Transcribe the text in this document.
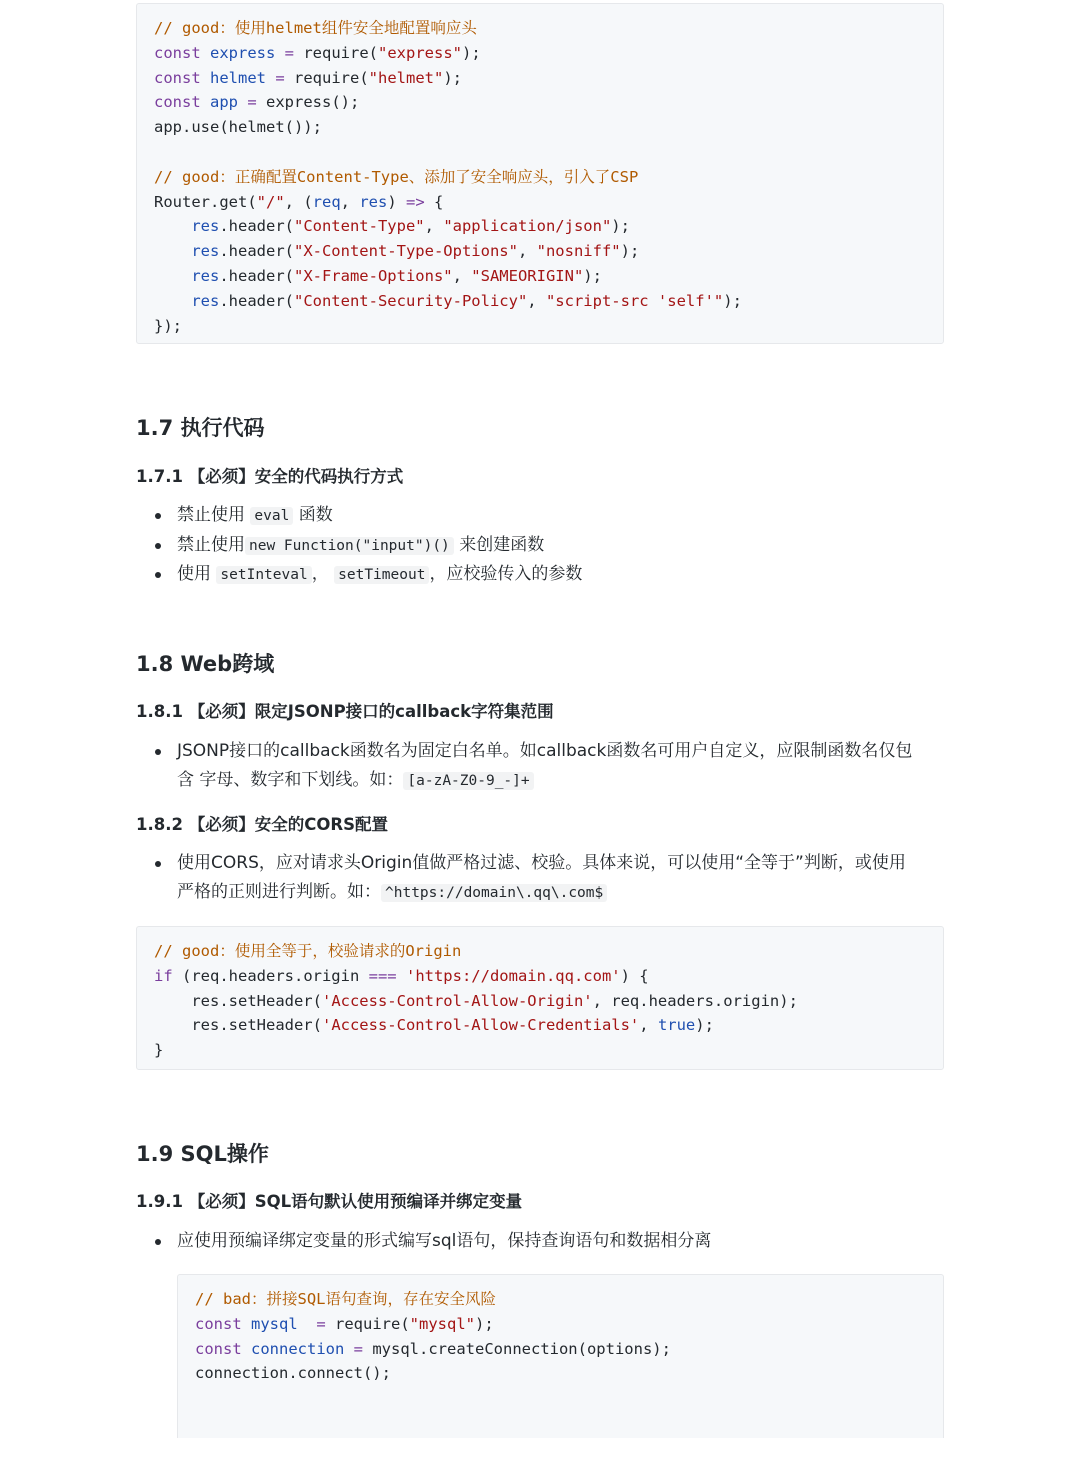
// good：使用helmet组件安全地配置响应头
const express = require("express");
const helmet = require("helmet");
const app = express();
app.use(helmet());
// good：正确配置Content-Type、添加了安全响应头，引入了CSP
Router.get("/", (req, res) => {
res.header("Content-Type", "application/json");
res.header("X-Content-Type-Options", "nosniff");
res.header("X-Frame-Options", "SAMEORIGIN");
res.header("Content-Security-Policy", "script-src 'self'");
});
1.7 执行代码
1.7.1 【必须】安全的代码执行方式
禁止使用 eval 函数
禁止使用 new Function("input")() 来创建函数
使用 setInteval ， setTimeout ，应校验传入的参数
1.8 Web跨域
1.8.1 【必须】限定JSONP接口的callback字符集范围
JSONP接口的callback函数名为固定白名单。如callback函数名可用户自定义，应限制函数名仅包
含 字母、数字和下划线。如： [a-zA-Z0-9_-]+
1.8.2 【必须】安全的CORS配置
使用CORS，应对请求头Origin值做严格过滤、校验。具体来说，可以使用“全等于”判断，或使用
严格的正则进行判断。如： ^https://domain\.qq\.com$
// good：使用全等于，校验请求的Origin
if (req.headers.origin === 'https://domain.qq.com') {
res.setHeader('Access-Control-Allow-Origin', req.headers.origin);
res.setHeader('Access-Control-Allow-Credentials', true);
}
1.9 SQL操作
1.9.1 【必须】SQL语句默认使用预编译并绑定变量
应使用预编译绑定变量的形式编写sql语句，保持查询语句和数据相分离
// bad：拼接SQL语句查询，存在安全风险
const mysql  = require("mysql");
const connection = mysql.createConnection(options);
connection.connect();
